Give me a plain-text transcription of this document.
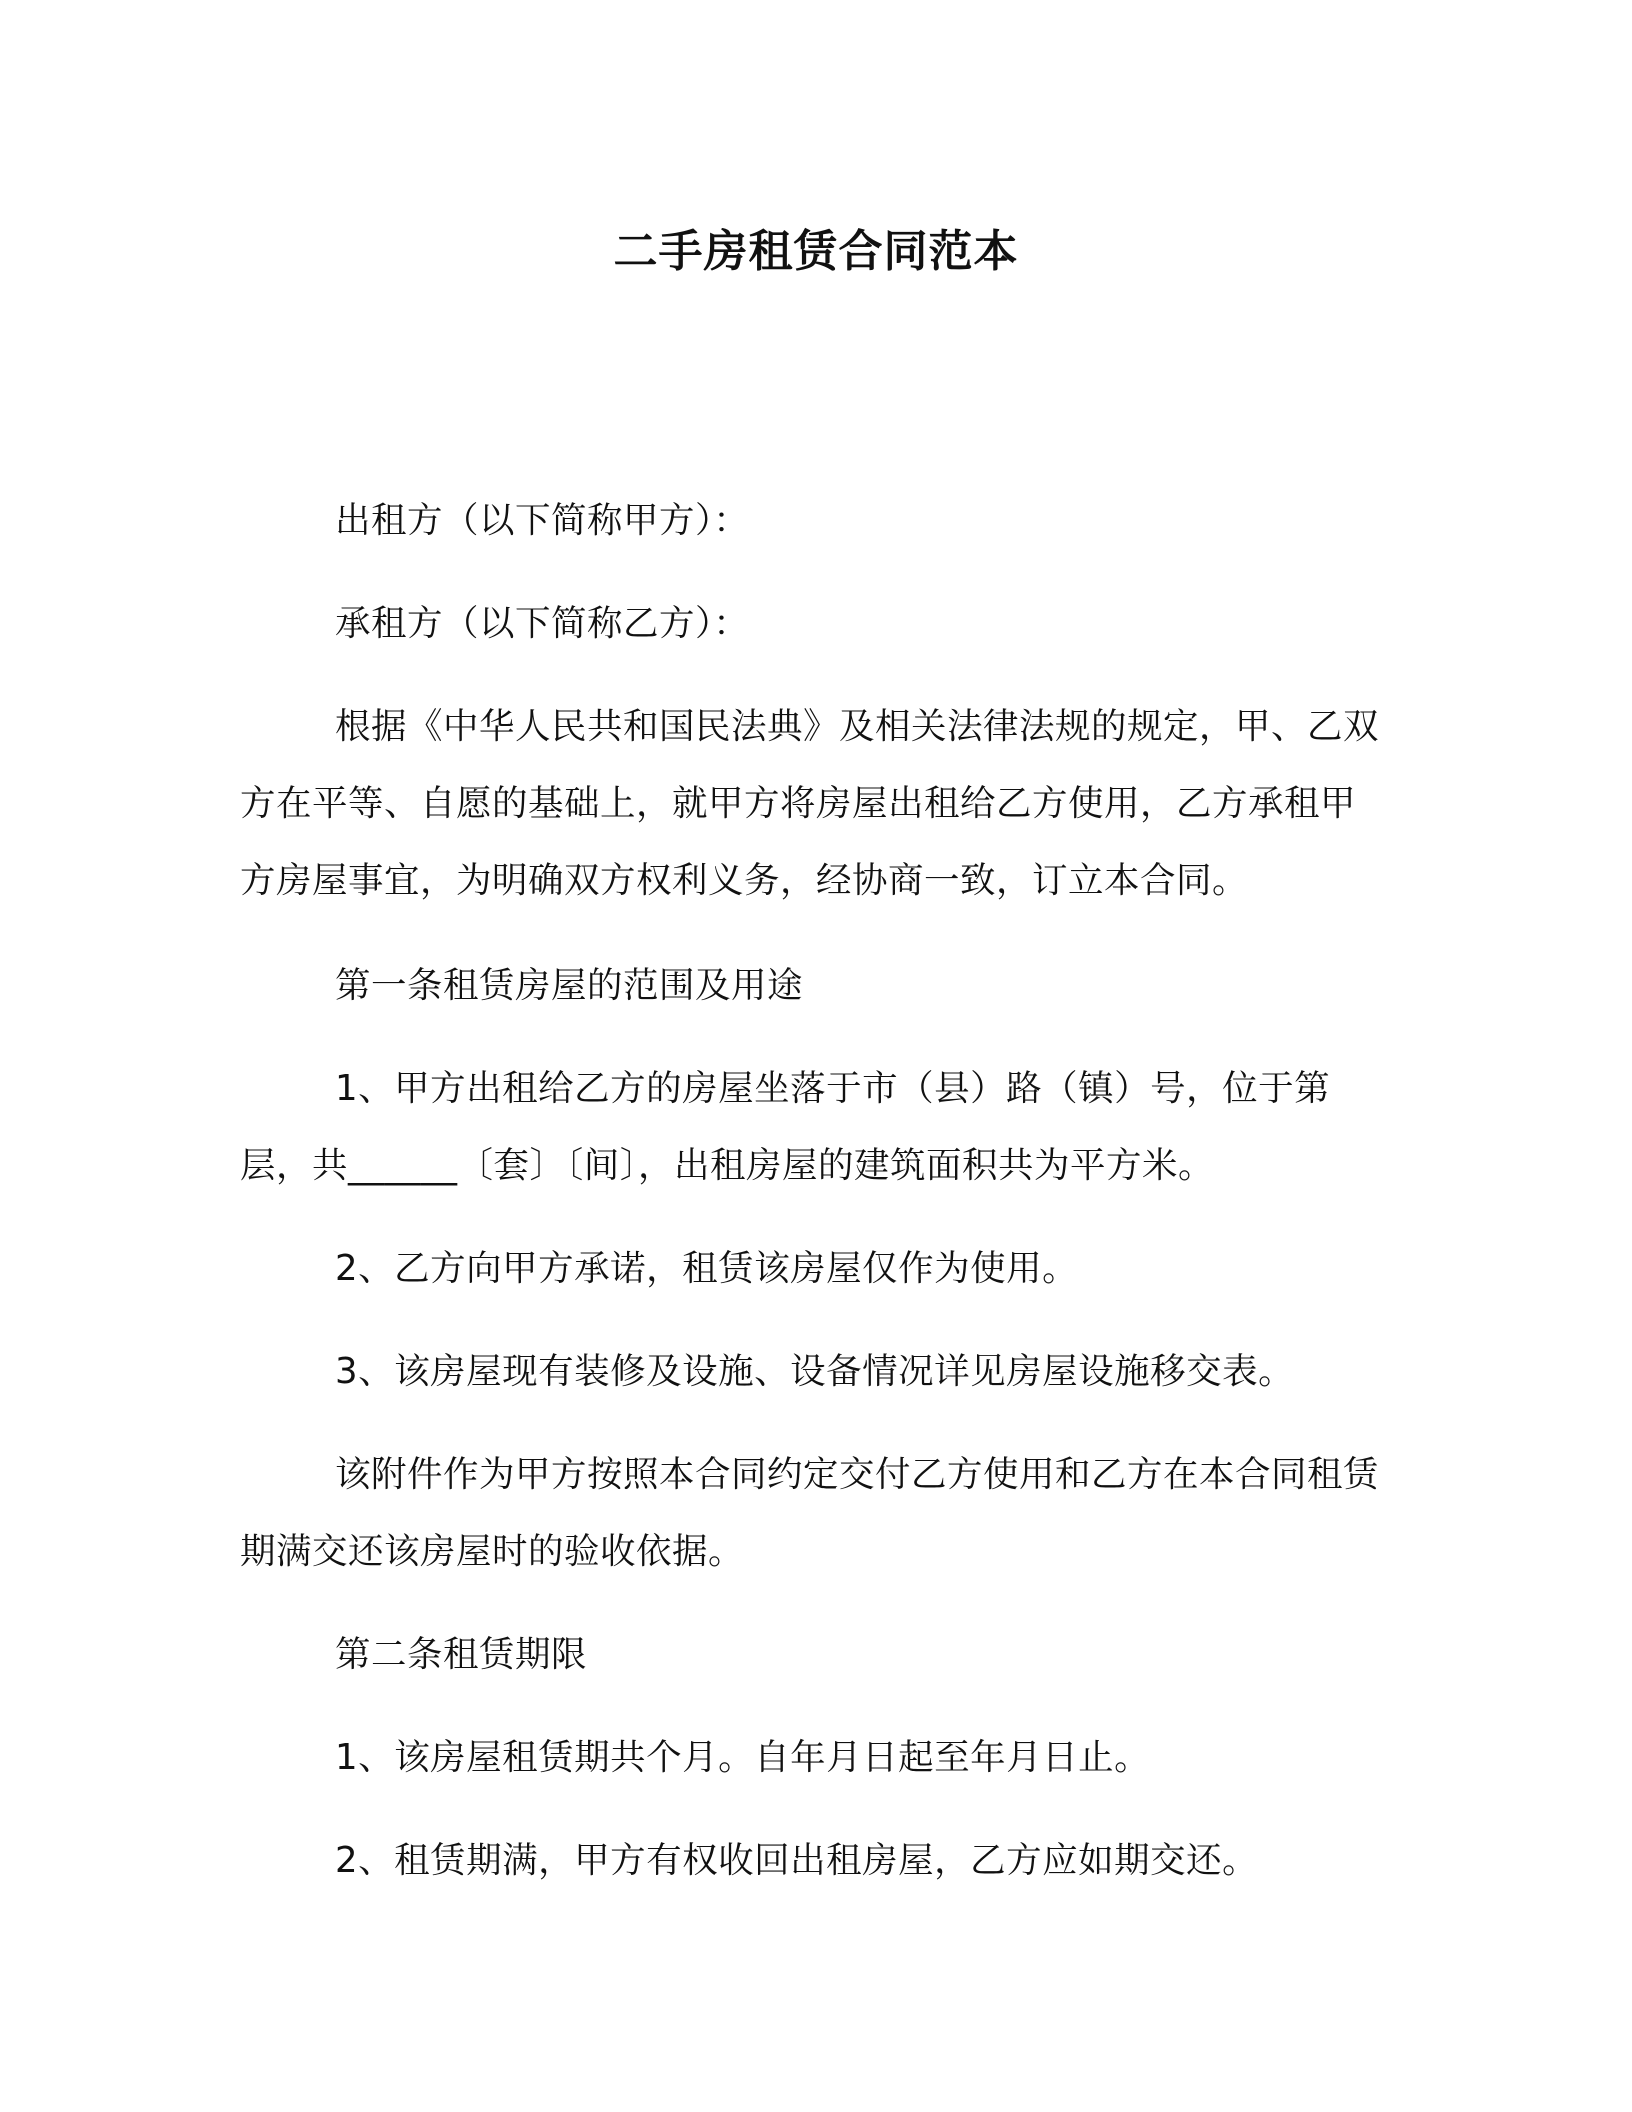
二手房租赁合同范本

出租方（以下简称甲方）：

承租方（以下简称乙方）：

根据《中华人民共和国民法典》及相关法律法规的规定，甲、乙双方在平等、自愿的基础上，就甲方将房屋出租给乙方使用，乙方承租甲方房屋事宜，为明确双方权利义务，经协商一致，订立本合同。

第一条租赁房屋的范围及用途

1、甲方出租给乙方的房屋坐落于市（县）路（镇）号，位于第层，共______〔套〕〔间〕，出租房屋的建筑面积共为平方米。

2、乙方向甲方承诺，租赁该房屋仅作为使用。

3、该房屋现有装修及设施、设备情况详见房屋设施移交表。

该附件作为甲方按照本合同约定交付乙方使用和乙方在本合同租赁期满交还该房屋时的验收依据。

第二条租赁期限

1、该房屋租赁期共个月。自年月日起至年月日止。

2、租赁期满，甲方有权收回出租房屋，乙方应如期交还。
